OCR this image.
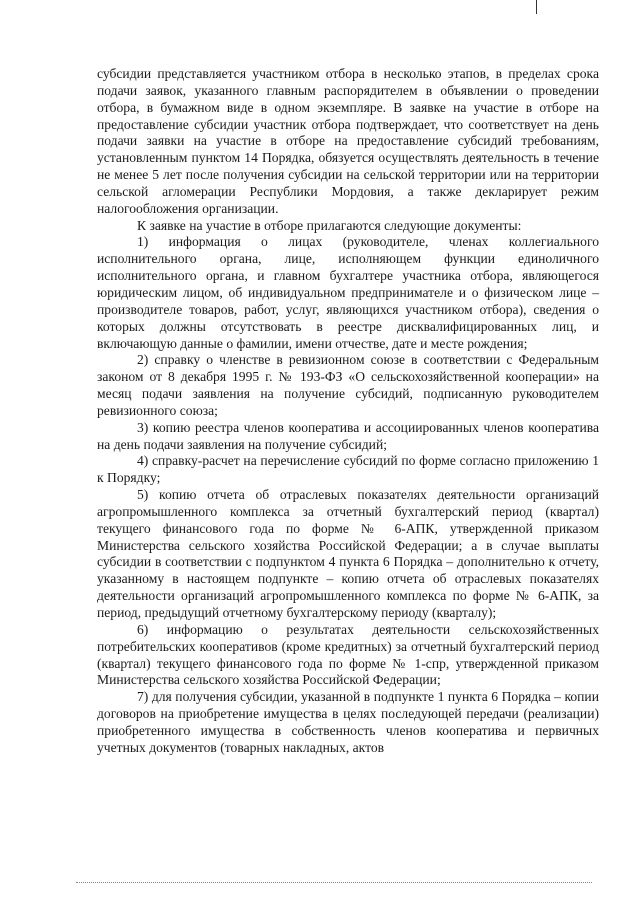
субсидии представляется участником отбора в несколько этапов, в пределах срока подачи заявок, указанного главным распорядителем в объявлении о проведении отбора, в бумажном виде в одном экземпляре. В заявке на участие в отборе на предоставление субсидии участник отбора подтверждает, что соответствует на день подачи заявки на участие в отборе на предоставление субсидий требованиям, установленным пунктом 14 Порядка, обязуется осуществлять деятельность в течение не менее 5 лет после получения субсидии на сельской территории или на территории сельской агломерации Республики Мордовия, а также декларирует режим налогообложения организации.

К заявке на участие в отборе прилагаются следующие документы:

1) информация о лицах (руководителе, членах коллегиального исполнительного органа, лице, исполняющем функции единоличного исполнительного органа, и главном бухгалтере участника отбора, являющегося юридическим лицом, об индивидуальном предпринимателе и о физическом лице – производителе товаров, работ, услуг, являющихся участником отбора), сведения о которых должны отсутствовать в реестре дисквалифицированных лиц, и включающую данные о фамилии, имени отчестве, дате и месте рождения;

2) справку о членстве в ревизионном союзе в соответствии с Федеральным законом от 8 декабря 1995 г. № 193-ФЗ «О сельскохозяйственной кооперации» на месяц подачи заявления на получение субсидий, подписанную руководителем ревизионного союза;

3) копию реестра членов кооператива и ассоциированных членов кооператива на день подачи заявления на получение субсидий;

4) справку-расчет на перечисление субсидий по форме согласно приложению 1 к Порядку;

5) копию отчета об отраслевых показателях деятельности организаций агропромышленного комплекса за отчетный бухгалтерский период (квартал) текущего финансового года по форме № 6-АПК, утвержденной приказом Министерства сельского хозяйства Российской Федерации; а в случае выплаты субсидии в соответствии с подпунктом 4 пункта 6 Порядка – дополнительно к отчету, указанному в настоящем подпункте – копию отчета об отраслевых показателях деятельности организаций агропромышленного комплекса по форме № 6-АПК, за период, предыдущий отчетному бухгалтерскому периоду (кварталу);

6) информацию о результатах деятельности сельскохозяйственных потребительских кооперативов (кроме кредитных) за отчетный бухгалтерский период (квартал) текущего финансового года по форме № 1-спр, утвержденной приказом Министерства сельского хозяйства Российской Федерации;

7) для получения субсидии, указанной в подпункте 1 пункта 6 Порядка – копии договоров на приобретение имущества в целях последующей передачи (реализации) приобретенного имущества в собственность членов кооператива и первичных учетных документов (товарных накладных, актов
